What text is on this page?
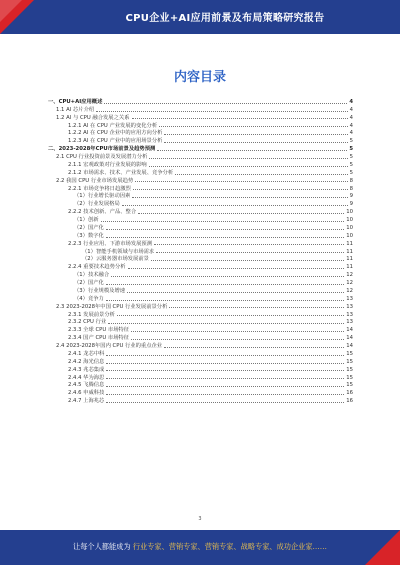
CPU企业+AI应用前景及布局策略研究报告
内容目录
一、CPU+AI应用概述	4
1.1 AI 芯片介绍	4
1.2 AI 与 CPU 融合发展之关系	4
1.2.1 AI 在 CPU 产业发展的变化分析	4
1.2.2 AI 在 CPU 企业中的应用方向分析	4
1.2.3 AI 在 CPU 产业中的应用场景分析	5
二、2023-2028年CPU市场前景及趋势预测	5
2.1 CPU 行业投资前景及发展潜力分析	5
2.1.1 宏观政策对行业发展的影响	5
2.1.2 市场需求、技术、产业发展、竞争分析	5
2.2 我国 CPU 行业市场发展趋势	8
2.2.1 市场竞争将日趋激烈	8
（1）行业增长驱动因素	9
（2）行业发展格局	9
2.2.2 技术创新、产品、整合	10
（1）创新	10
（2）国产化	10
（3）数字化	10
2.2.3 行业应用、下游市场发展预测	11
（1）智能手机领域与市场需求	11
（2）云服务器市场发展前景	11
2.2.4 重要技术趋势分析	11
（1）技术融合	12
（2）国产化	12
（3）行业规模及增速	12
（4）竞争力	13
2.3 2023-2028年中国 CPU 行业发展前景分析	13
2.3.1 发展前景分析	13
2.3.2 CPU 行业	13
2.3.3 全球 CPU 市场特征	14
2.3.4 国产 CPU 市场特征	14
2.4 2023-2028年国内 CPU 行业的重点企业	14
2.4.1 龙芯中科	15
2.4.2 海光信息	15
2.4.3 兆芯集成	15
2.4.4 华为海思	15
2.4.5 飞腾信息	15
2.4.6 申威科技	16
2.4.7 上海兆芯	16
3
让每个人都能成为 行业专家、营销专家、营销专家、战略专家、成功企业家……
